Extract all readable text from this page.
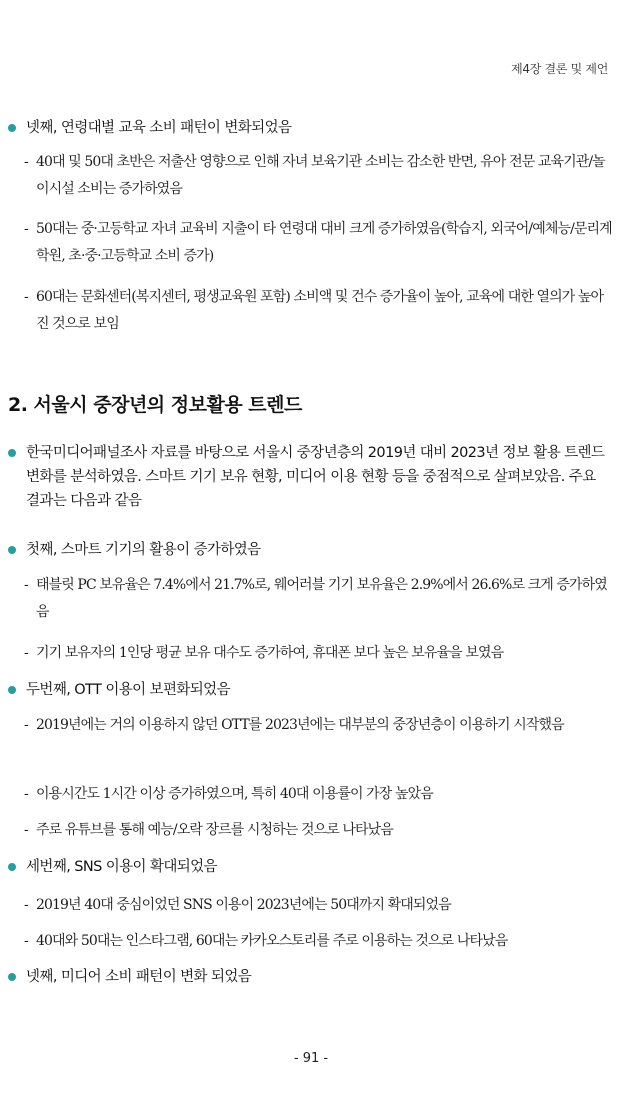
제4장 결론 및 제언
넷째, 연령대별 교육 소비 패턴이 변화되었음
- 40대 및 50대 초반은 저출산 영향으로 인해 자녀 보육기관 소비는 감소한 반면, 유아 전문 교육기관/놀이시설 소비는 증가하였음
- 50대는 중·고등학교 자녀 교육비 지출이 타 연령대 대비 크게 증가하였음(학습지, 외국어/예체능/문리계 학원, 초·중·고등학교 소비 증가)
- 60대는 문화센터(복지센터, 평생교육원 포함) 소비액 및 건수 증가율이 높아, 교육에 대한 열의가 높아진 것으로 보임
2. 서울시 중장년의 정보활용 트렌드
한국미디어패널조사 자료를 바탕으로 서울시 중장년층의 2019년 대비 2023년 정보 활용 트렌드 변화를 분석하였음. 스마트 기기 보유 현황, 미디어 이용 현황 등을 중점적으로 살펴보았음. 주요 결과는 다음과 같음
첫째, 스마트 기기의 활용이 증가하였음
- 태블릿 PC 보유율은 7.4%에서 21.7%로, 웨어러블 기기 보유율은 2.9%에서 26.6%로 크게 증가하였음
- 기기 보유자의 1인당 평균 보유 대수도 증가하여, 휴대폰 보다 높은 보유율을 보였음
두번째, OTT 이용이 보편화되었음
- 2019년에는 거의 이용하지 않던 OTT를 2023년에는 대부분의 중장년층이 이용하기 시작했음
- 이용시간도 1시간 이상 증가하였으며, 특히 40대 이용률이 가장 높았음
- 주로 유튜브를 통해 예능/오락 장르를 시청하는 것으로 나타났음
세번째, SNS 이용이 확대되었음
- 2019년 40대 중심이었던 SNS 이용이 2023년에는 50대까지 확대되었음
- 40대와 50대는 인스타그램, 60대는 카카오스토리를 주로 이용하는 것으로 나타났음
넷째, 미디어 소비 패턴이 변화 되었음
- 91 -
